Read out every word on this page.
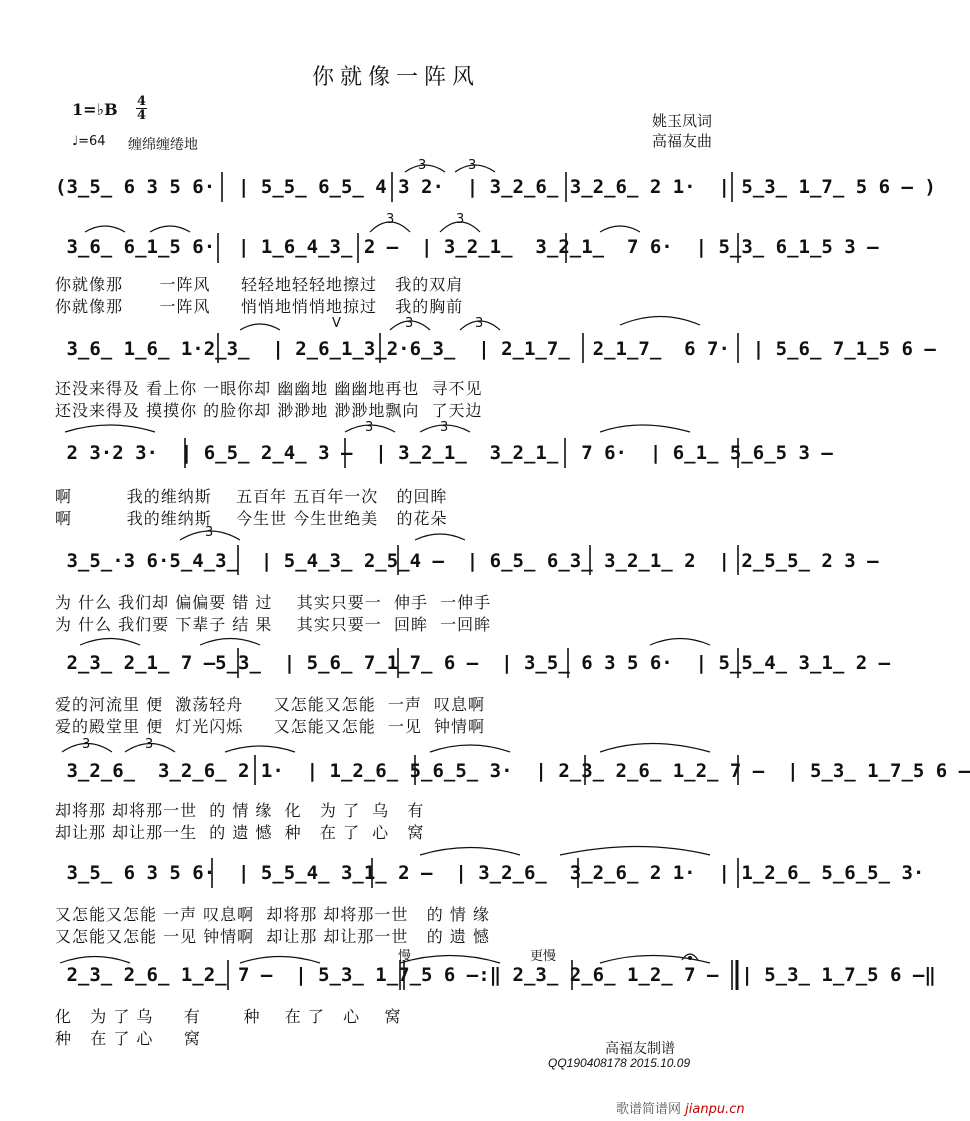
你就像一阵风
1=♭B 4
4
♩=64 缠绵缠绻地
姚玉凤词
高福友曲
3	3
3	3
V	3	3
3	3
3
3	3
慢	更慢
(3̲5̲ 6 3 5 6·  | 5̲5̲ 6̲5̲ 4 3 2·  | 3̲2̲6̲ 3̲2̲6̲ 2 1·  | 5̲3̲ 1̲7̲ 5 6 – )
3̲6̲ 6̲1̲5 6·  | 1̲6̲4̲3̲ 2 –  | 3̲2̲1̲  3̲2̲1̲  7 6·  | 5̲3̲ 6̲1̲5 3 –
你就像那      一阵风     轻轻地轻轻地擦过   我的双肩
你就像那      一阵风     悄悄地悄悄地掠过   我的胸前
3̲6̲ 1̲6̲ 1·2̲3̲  | 2̲6̲1̲3̲2·6̲3̲  | 2̲1̲7̲  2̲1̲7̲  6 7·  | 5̲6̲ 7̲1̲5 6 –
还没来得及 看上你 一眼你却 幽幽地 幽幽地再也  寻不见
还没来得及 摸摸你 的脸你却 渺渺地 渺渺地飘向  了天边
2 3·2 3·  | 6̲5̲ 2̲4̲ 3 –  | 3̲2̲1̲  3̲2̲1̲  7 6·  | 6̲1̲ 5̲6̲5 3 –
啊         我的维纳斯    五百年 五百年一次   的回眸
啊         我的维纳斯    今生世 今生世绝美   的花朵
3̲5̲·3 6·5̲4̲3̲  | 5̲4̲3̲ 2̲5̲4 –  | 6̲5̲ 6̲3̲ 3̲2̲1̲ 2  | 2̲5̲5̲ 2 3 –
为 什么 我们却 偏偏要 错 过    其实只要一  伸手  一伸手
为 什么 我们要 下辈子 结 果    其实只要一  回眸  一回眸
2̲3̲ 2̲1̲ 7 –5̲3̲  | 5̲6̲ 7̲1̲7̲ 6 –  | 3̲5̲ 6 3 5 6·  | 5̲5̲4̲ 3̲1̲ 2 –
爱的河流里 便  激荡轻舟     又怎能又怎能  一声  叹息啊
爱的殿堂里 便  灯光闪烁     又怎能又怎能  一见  钟情啊
3̲2̲6̲  3̲2̲6̲ 2 1·  | 1̲2̲6̲ 5̲6̲5̲ 3·  | 2̲3̲ 2̲6̲ 1̲2̲ 7 –  | 5̲3̲ 1̲7̲5 6 –
却将那 却将那一世  的 情 缘  化   为 了  乌   有
却让那 却让那一生  的 遗 憾  种   在 了  心   窝
3̲5̲ 6 3 5 6·  | 5̲5̲4̲ 3̲1̲ 2 –  | 3̲2̲6̲  3̲2̲6̲ 2 1·  | 1̲2̲6̲ 5̲6̲5̲ 3·
又怎能又怎能 一声 叹息啊  却将那 却将那一世   的 情 缘
又怎能又怎能 一见 钟情啊  却让那 却让那一世   的 遗 憾
2̲3̲ 2̲6̲ 1̲2̲ 7 –  | 5̲3̲ 1̲7̲5 6 –:‖ 2̲3̲ 2̲6̲ 1̲2̲ 7 –  | 5̲3̲ 1̲7̲5 6 –‖
化   为 了 乌     有       种    在 了   心    窝
种   在 了 心     窝
高福友制谱
QQ190408178 2015.10.09
歌谱简谱网 jianpu.cn
